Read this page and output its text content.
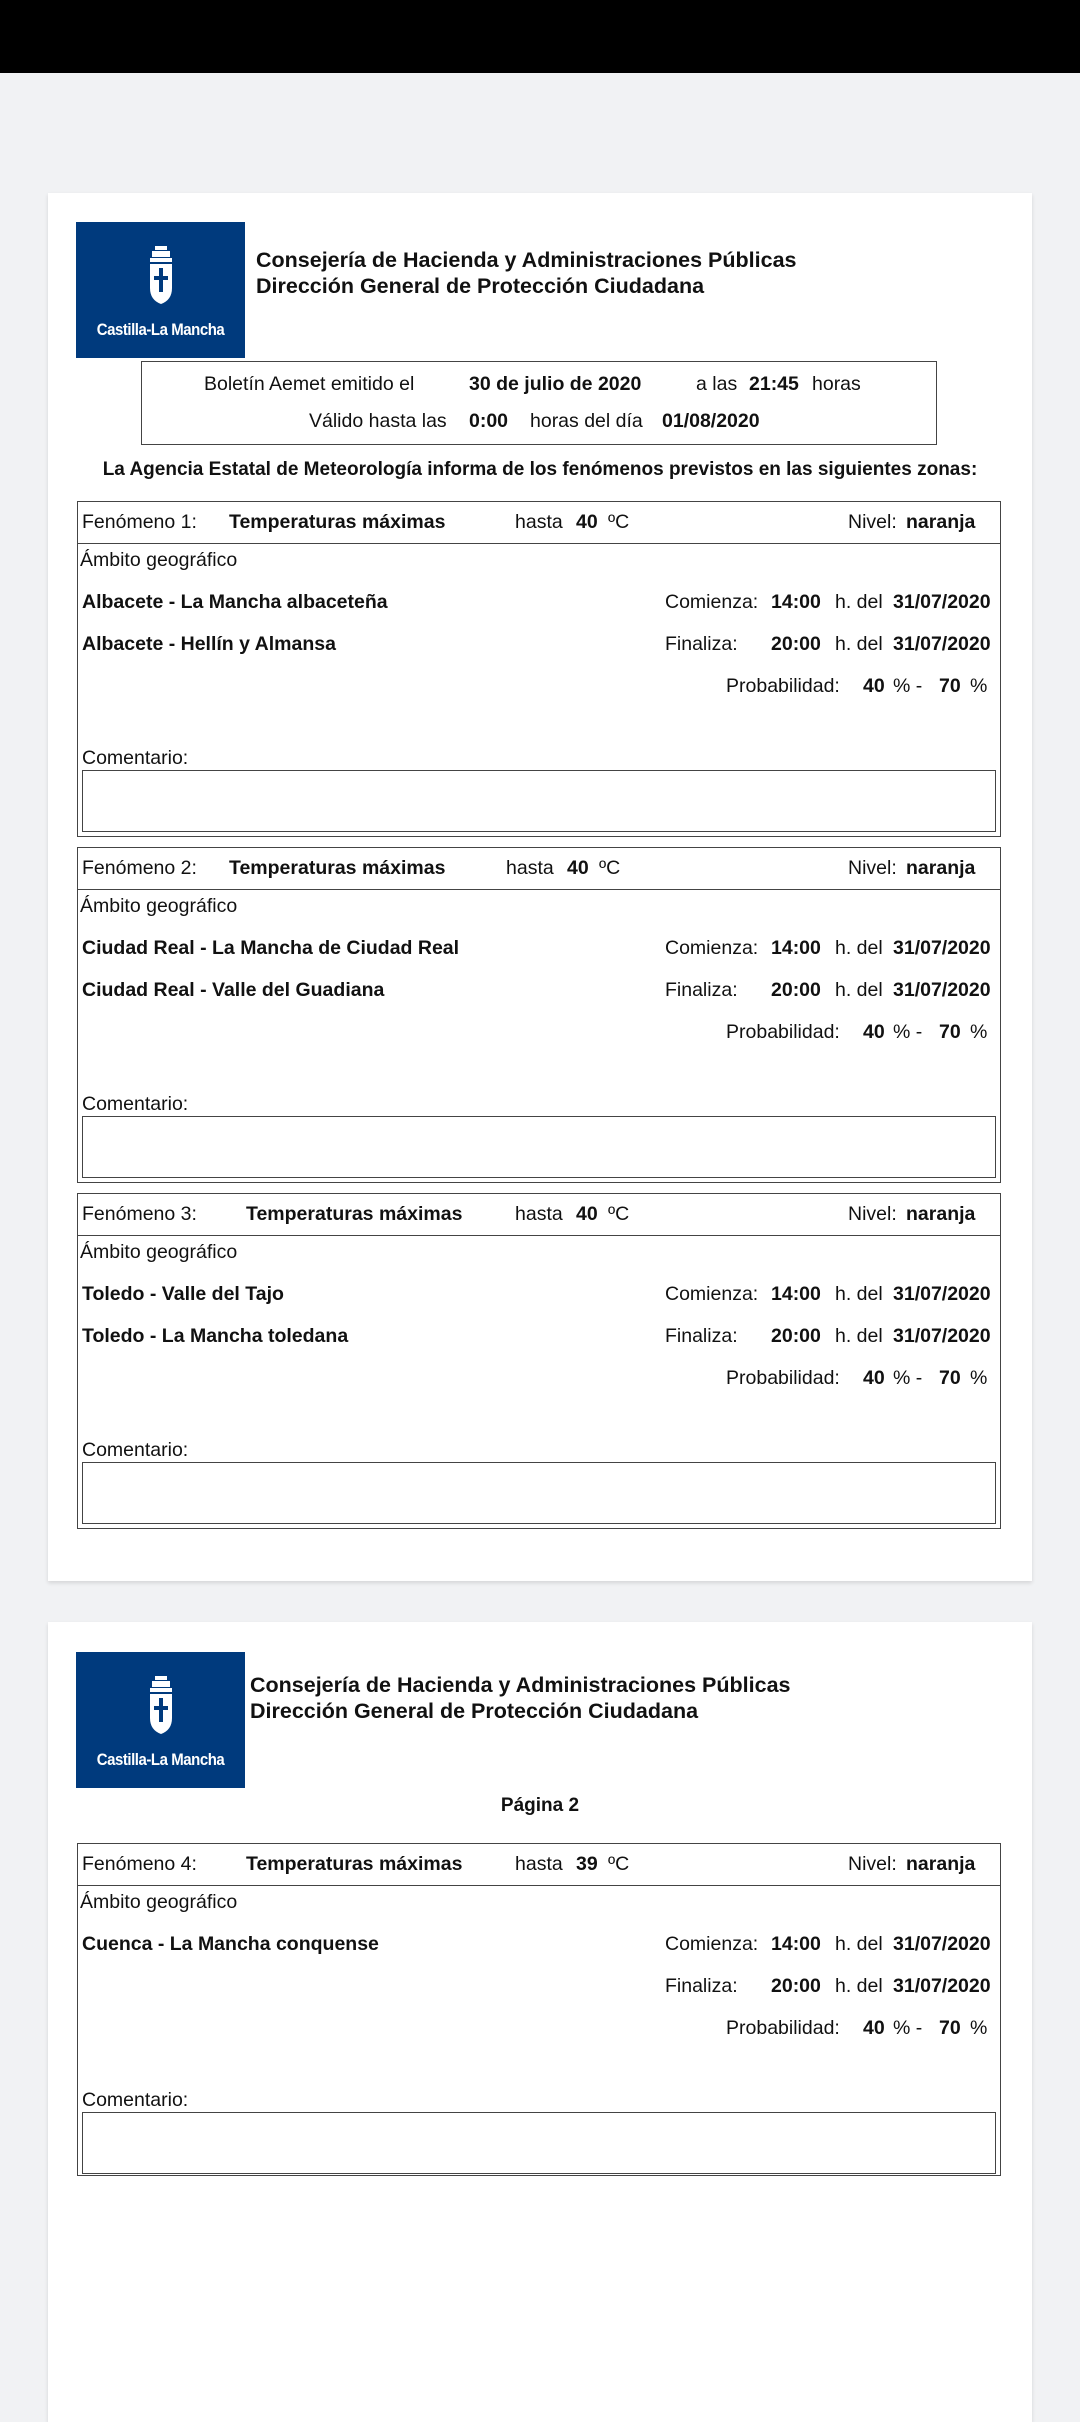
Castilla-La Mancha
Consejería de Hacienda y Administraciones Públicas
Dirección General de Protección Ciudadana
Boletín Aemet emitido el	30 de julio de 2020	a las 21:45 horas
Válido hasta las 0:00 horas del día 01/08/2020
La Agencia Estatal de Meteorología informa de los fenómenos previstos en las siguientes zonas:
Fenómeno 1: Temperaturas máximas	hasta 40 ºC	Nivel: naranja
Ámbito geográfico
Albacete - La Mancha albaceteña
Albacete - Hellín y Almansa
Comienza: 14:00 h. del 31/07/2020
Finaliza: 20:00 h. del 31/07/2020
Probabilidad: 40 % - 70 %
Comentario:
Fenómeno 2: Temperaturas máximas	hasta 40 ºC	Nivel: naranja
Ámbito geográfico
Ciudad Real - La Mancha de Ciudad Real
Ciudad Real - Valle del Guadiana
Comienza: 14:00 h. del 31/07/2020
Finaliza: 20:00 h. del 31/07/2020
Probabilidad: 40 % - 70 %
Comentario:
Fenómeno 3:	Temperaturas máximas	hasta 40 ºC	Nivel: naranja
Ámbito geográfico
Toledo - Valle del Tajo
Toledo - La Mancha toledana
Comienza: 14:00 h. del 31/07/2020
Finaliza: 20:00 h. del 31/07/2020
Probabilidad: 40 % - 70 %
Comentario:
Castilla-La Mancha
Consejería de Hacienda y Administraciones Públicas
Dirección General de Protección Ciudadana
Página 2
Fenómeno 4:	Temperaturas máximas	hasta 39 ºC	Nivel: naranja
Ámbito geográfico
Cuenca - La Mancha conquense	Comienza: 14:00 h. del 31/07/2020
Finaliza: 20:00 h. del 31/07/2020
Probabilidad: 40 % - 70 %
Comentario:
